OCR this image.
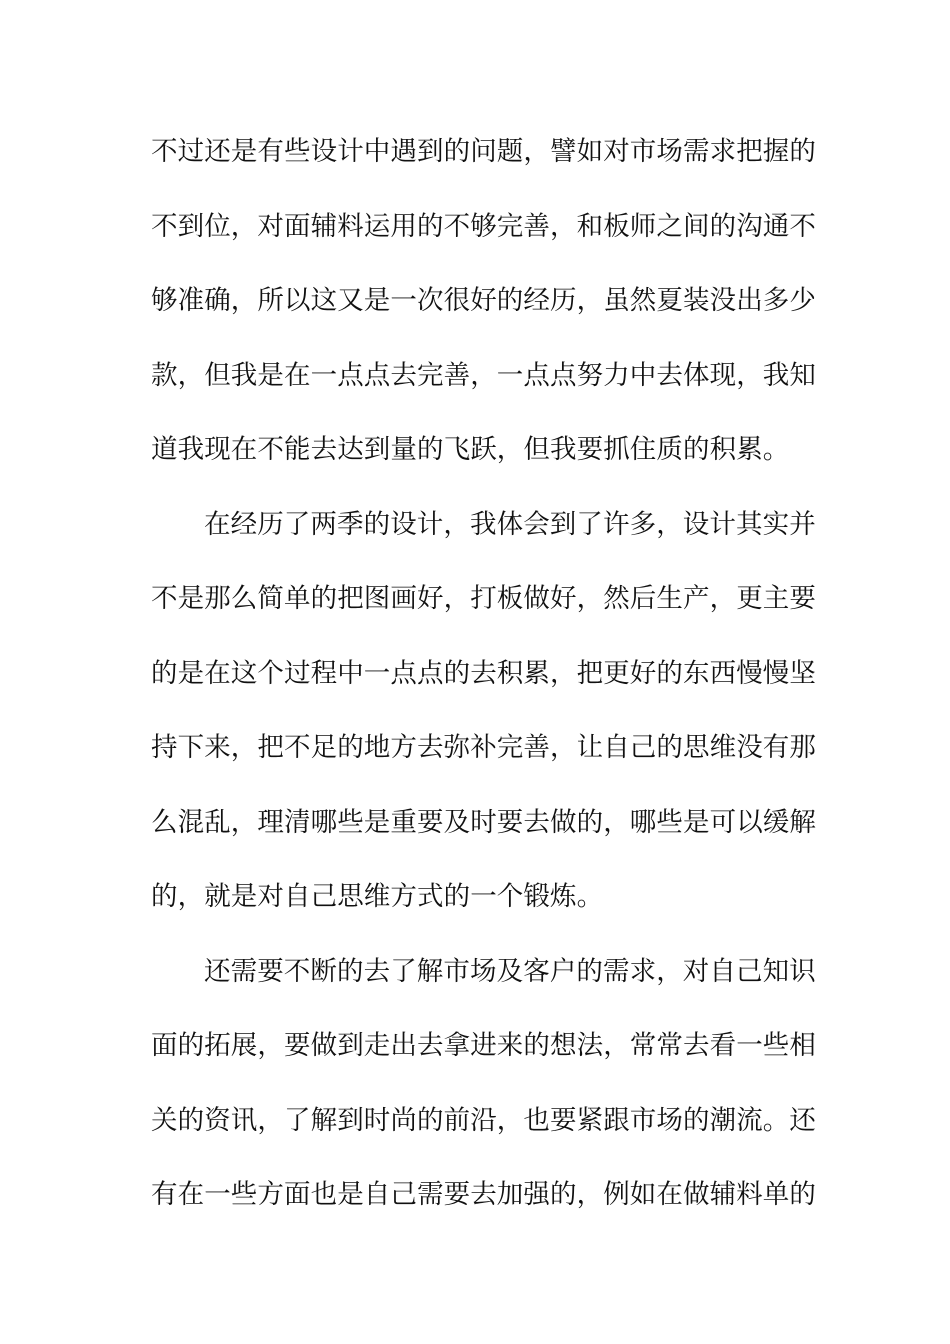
不过还是有些设计中遇到的问题，譬如对市场需求把握的
不到位，对面辅料运用的不够完善，和板师之间的沟通不
够准确，所以这又是一次很好的经历，虽然夏装没出多少
款，但我是在一点点去完善，一点点努力中去体现，我知
道我现在不能去达到量的飞跃，但我要抓住质的积累。
在经历了两季的设计，我体会到了许多，设计其实并
不是那么简单的把图画好，打板做好，然后生产，更主要
的是在这个过程中一点点的去积累，把更好的东西慢慢坚
持下来，把不足的地方去弥补完善，让自己的思维没有那
么混乱，理清哪些是重要及时要去做的，哪些是可以缓解
的，就是对自己思维方式的一个锻炼。
还需要不断的去了解市场及客户的需求，对自己知识
面的拓展，要做到走出去拿进来的想法，常常去看一些相
关的资讯，了解到时尚的前沿，也要紧跟市场的潮流。还
有在一些方面也是自己需要去加强的，例如在做辅料单的
